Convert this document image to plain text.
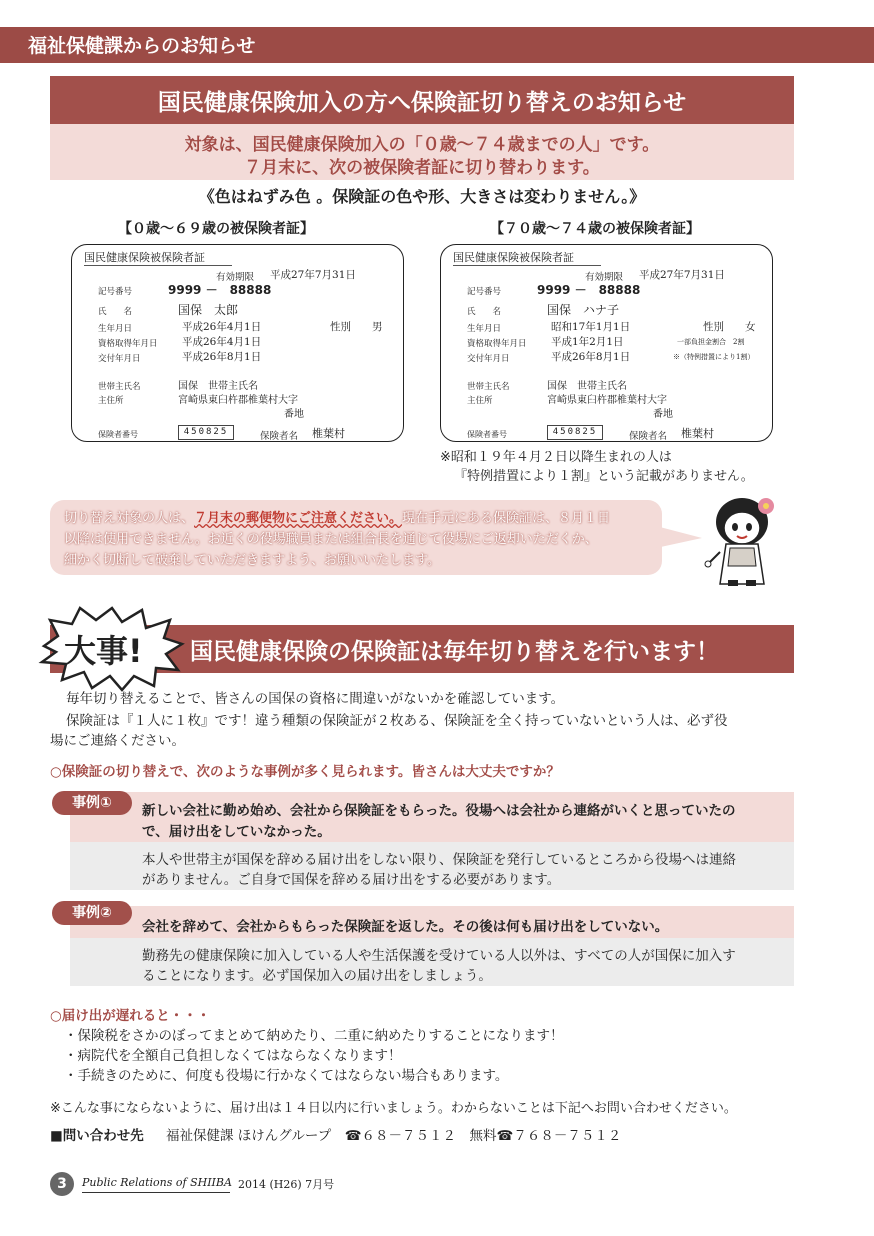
福祉保健課からのお知らせ
国民健康保険加入の方へ保険証切り替えのお知らせ
対象は、国民健康保険加入の「０歳〜７４歳までの人」です。
７月末に、次の被保険者証に切り替わります。
《色はねずみ色 。保険証の色や形、大きさは変わりません。》
【０歳〜６９歳の被保険者証】	【７０歳〜７４歳の被保険者証】
国民健康保険被保険者証
有効期限 平成27年7月31日
記号番号	9999 －　88888
氏　　名	国保　太郎
生年月日	平成26年4月1日	性別 男
資格取得年月日 平成26年4月1日
交付年月日	平成26年8月1日
世帯主氏名	国保　世帯主氏名
主住所	宮崎県東臼杵郡椎葉村大字
番地
保険者番号	450825	保険者名 椎葉村
国民健康保険被保険者証
有効期限 平成27年7月31日
記号番号	9999 －　88888
氏　　名	国保　ハナ子
生年月日	昭和17年1月1日	性別 女
資格取得年月日 平成1年2月1日	一部負担金割合　2割
交付年月日	平成26年8月1日	※（特例措置により1割）
世帯主氏名	国保　世帯主氏名
主住所	宮崎県東臼杵郡椎葉村大字
番地
保険者番号	450825	保険者名 椎葉村
※昭和１９年４月２日以降生まれの人は
『特例措置により１割』という記載がありません。
切り替え対象の人は、７月末の郵便物にご注意ください。現在手元にある保険証は、８月１日
以降は使用できません。お近くの役場職員または組合長を通じて役場にご返却いただくか、
細かく切断して破棄していただきますよう、お願いいたします。
大事! 国民健康保険の保険証は毎年切り替えを行います！
毎年切り替えることで、皆さんの国保の資格に間違いがないかを確認しています。
保険証は『１人に１枚』です！違う種類の保険証が２枚ある、保険証を全く持っていないという人は、必ず役
場にご連絡ください。
○保険証の切り替えで、次のような事例が多く見られます。皆さんは大丈夫ですか？
事例①	新しい会社に勤め始め、会社から保険証をもらった。役場へは会社から連絡がいくと思っていたの
で、届け出をしていなかった。
本人や世帯主が国保を辞める届け出をしない限り、保険証を発行しているところから役場へは連絡
がありません。ご自身で国保を辞める届け出をする必要があります。
事例②
会社を辞めて、会社からもらった保険証を返した。その後は何も届け出をしていない。
勤務先の健康保険に加入している人や生活保護を受けている人以外は、すべての人が国保に加入す
ることになります。必ず国保加入の届け出をしましょう。
○届け出が遅れると・・・
・保険税をさかのぼってまとめて納めたり、二重に納めたりすることになります！
・病院代を全額自己負担しなくてはならなくなります！
・手続きのために、何度も役場に行かなくてはならない場合もあります。
※こんな事にならないように、届け出は１４日以内に行いましょう。わからないことは下記へお問い合わせください。
■問い合わせ先 福祉保健課 ほけんグループ　☎６８－７５１２　無料☎７６８－７５１２
3	Public Relations of SHIIBA 2014 (H26) 7月号
